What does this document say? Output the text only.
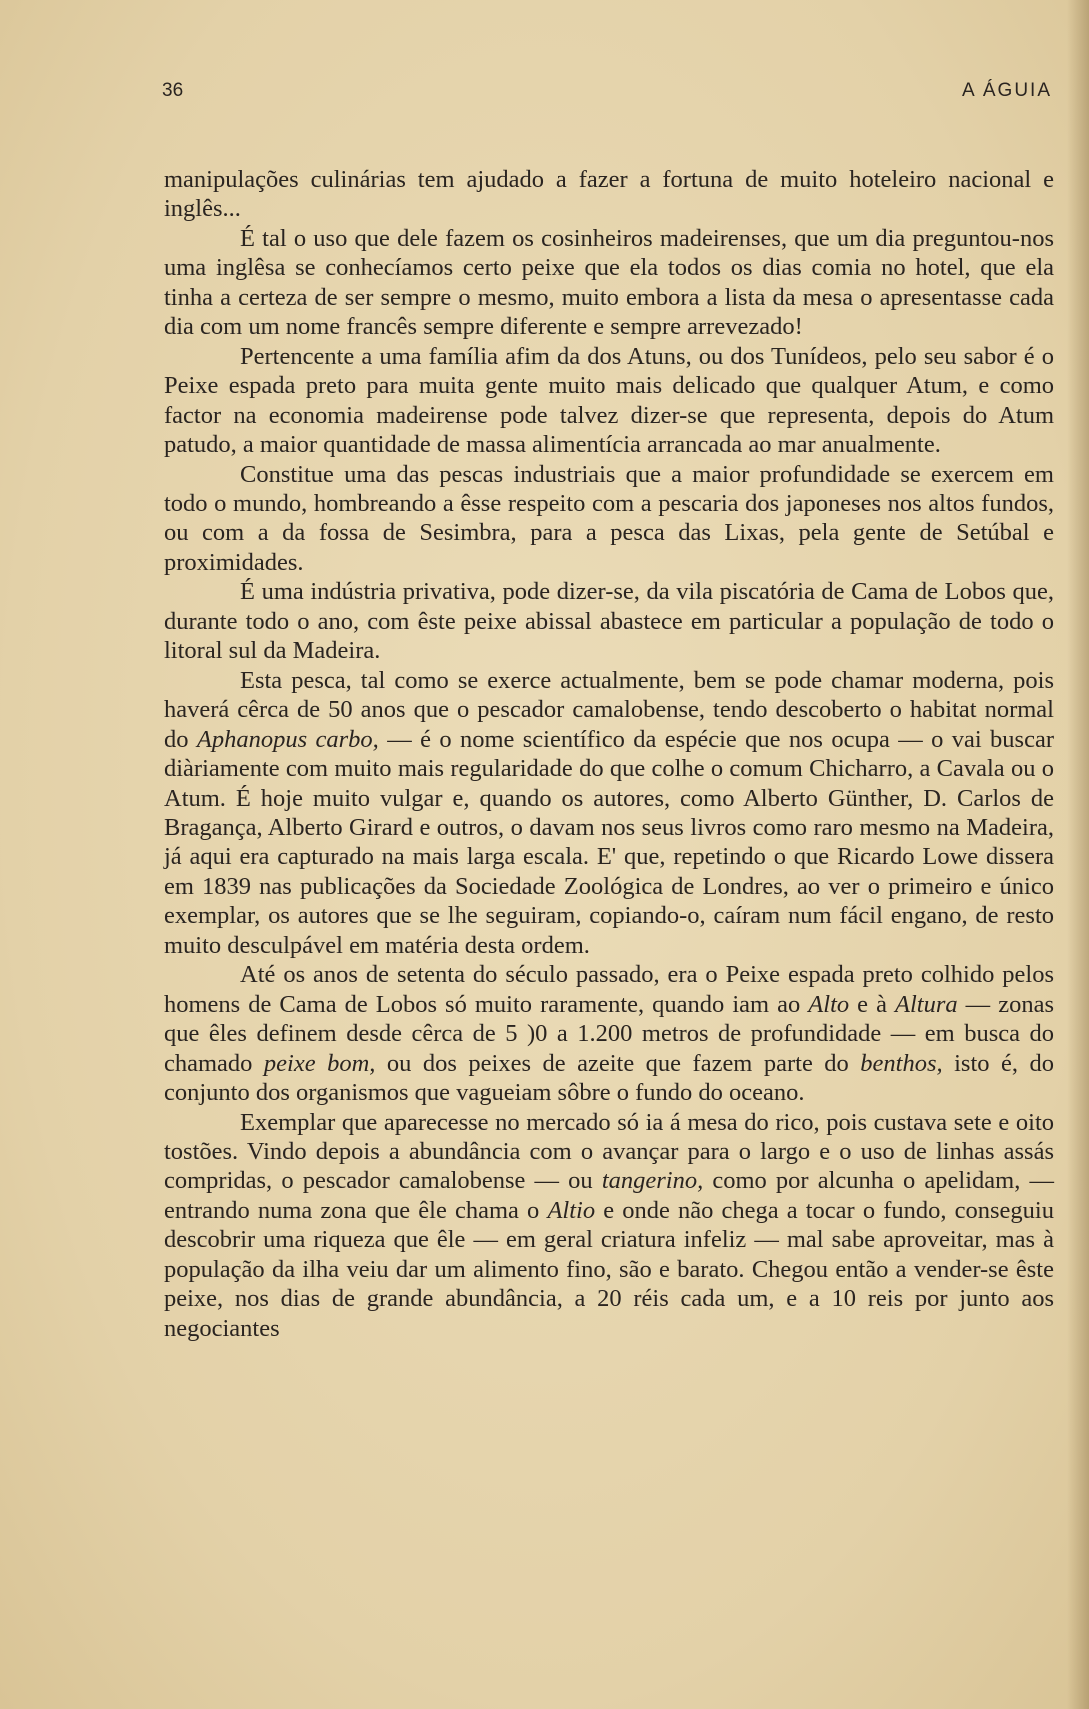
36	A ÁGUIA

manipulações culinárias tem ajudado a fazer a fortuna de muito hoteleiro nacional e inglês...

É tal o uso que dele fazem os cosinheiros madeirenses, que um dia preguntou-nos uma inglêsa se conhecíamos certo peixe que ela todos os dias comia no hotel, que ela tinha a certeza de ser sempre o mesmo, muito embora a lista da mesa o apresentasse cada dia com um nome francês sempre diferente e sempre arrevezado!

Pertencente a uma família afim da dos Atuns, ou dos Tunídeos, pelo seu sabor é o Peixe espada preto para muita gente muito mais delicado que qualquer Atum, e como factor na economia madeirense pode talvez dizer-se que representa, depois do Atum patudo, a maior quantidade de massa alimentícia arrancada ao mar anualmente.

Constitue uma das pescas industriais que a maior profundidade se exercem em todo o mundo, hombreando a êsse respeito com a pescaria dos japoneses nos altos fundos, ou com a da fossa de Sesimbra, para a pesca das Lixas, pela gente de Setúbal e proximidades.

É uma indústria privativa, pode dizer-se, da vila piscatória de Cama de Lobos que, durante todo o ano, com êste peixe abissal abastece em particular a população de todo o litoral sul da Madeira.

Esta pesca, tal como se exerce actualmente, bem se pode chamar moderna, pois haverá cêrca de 50 anos que o pescador camalobense, tendo descoberto o habitat normal do Aphanopus carbo, — é o nome scientífico da espécie que nos ocupa — o vai buscar diàriamente com muito mais regularidade do que colhe o comum Chicharro, a Cavala ou o Atum. É hoje muito vulgar e, quando os autores, como Alberto Günther, D. Carlos de Bragança, Alberto Girard e outros, o davam nos seus livros como raro mesmo na Madeira, já aqui era capturado na mais larga escala. E' que, repetindo o que Ricardo Lowe dissera em 1839 nas publicações da Sociedade Zoológica de Londres, ao ver o primeiro e único exemplar, os autores que se lhe seguiram, copiando-o, caíram num fácil engano, de resto muito desculpável em matéria desta ordem.

Até os anos de setenta do século passado, era o Peixe espada preto colhido pelos homens de Cama de Lobos só muito raramente, quando iam ao Alto e à Altura — zonas que êles definem desde cêrca de 5 )0 a 1.200 metros de profundidade — em busca do chamado peixe bom, ou dos peixes de azeite que fazem parte do benthos, isto é, do conjunto dos organismos que vagueiam sôbre o fundo do oceano.

Exemplar que aparecesse no mercado só ia á mesa do rico, pois custava sete e oito tostões. Vindo depois a abundância com o avançar para o largo e o uso de linhas assás compridas, o pescador camalobense — ou tangerino, como por alcunha o apelidam, — entrando numa zona que êle chama o Altio e onde não chega a tocar o fundo, conseguiu descobrir uma riqueza que êle — em geral criatura infeliz — mal sabe aproveitar, mas à população da ilha veiu dar um alimento fino, são e barato. Chegou então a vender-se êste peixe, nos dias de grande abundância, a 20 réis cada um, e a 10 reis por junto aos negociantes
